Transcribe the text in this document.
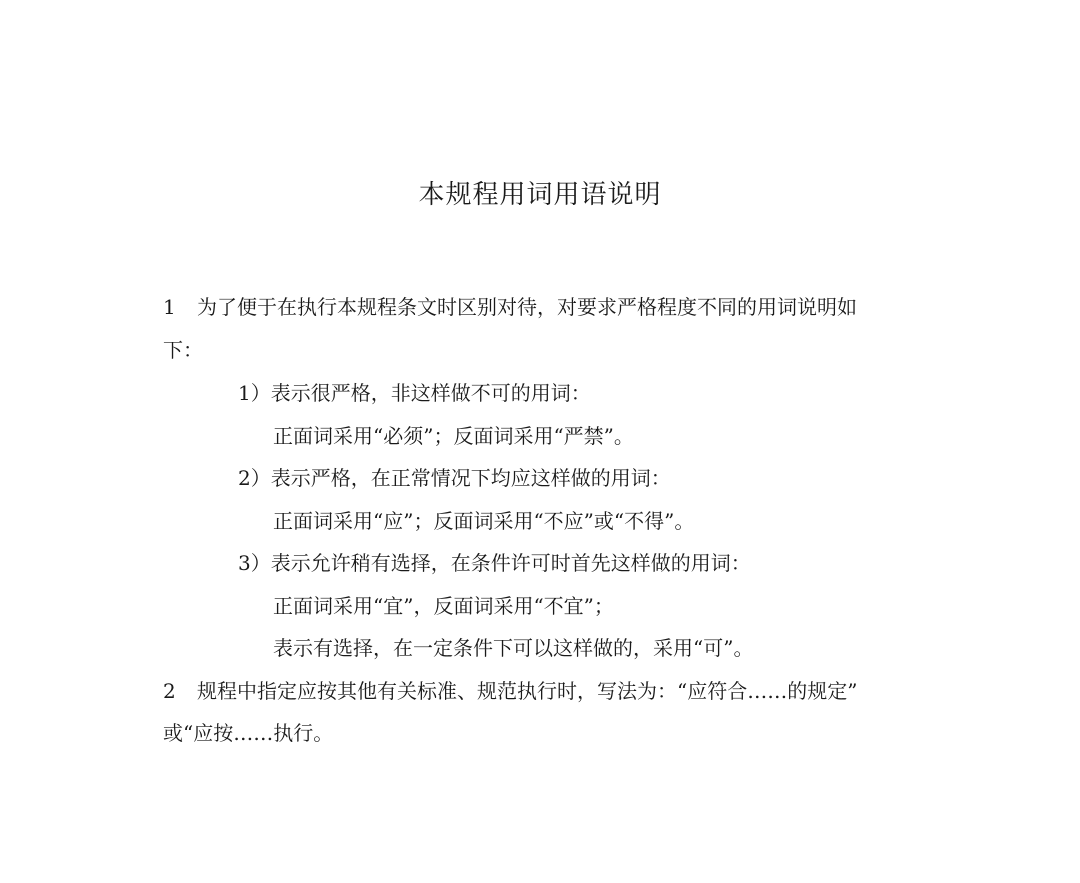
本规程用词用语说明
1 为了便于在执行本规程条文时区别对待，对要求严格程度不同的用词说明如
下：
1）表示很严格，非这样做不可的用词：
正面词采用“必须”；反面词采用“严禁”。
2）表示严格，在正常情况下均应这样做的用词：
正面词采用“应”；反面词采用“不应”或“不得”。
3）表示允许稍有选择，在条件许可时首先这样做的用词：
正面词采用“宜”，反面词采用“不宜”；
表示有选择，在一定条件下可以这样做的，采用“可”。
2 规程中指定应按其他有关标准、规范执行时，写法为：“应符合……的规定”
或“应按……执行。
